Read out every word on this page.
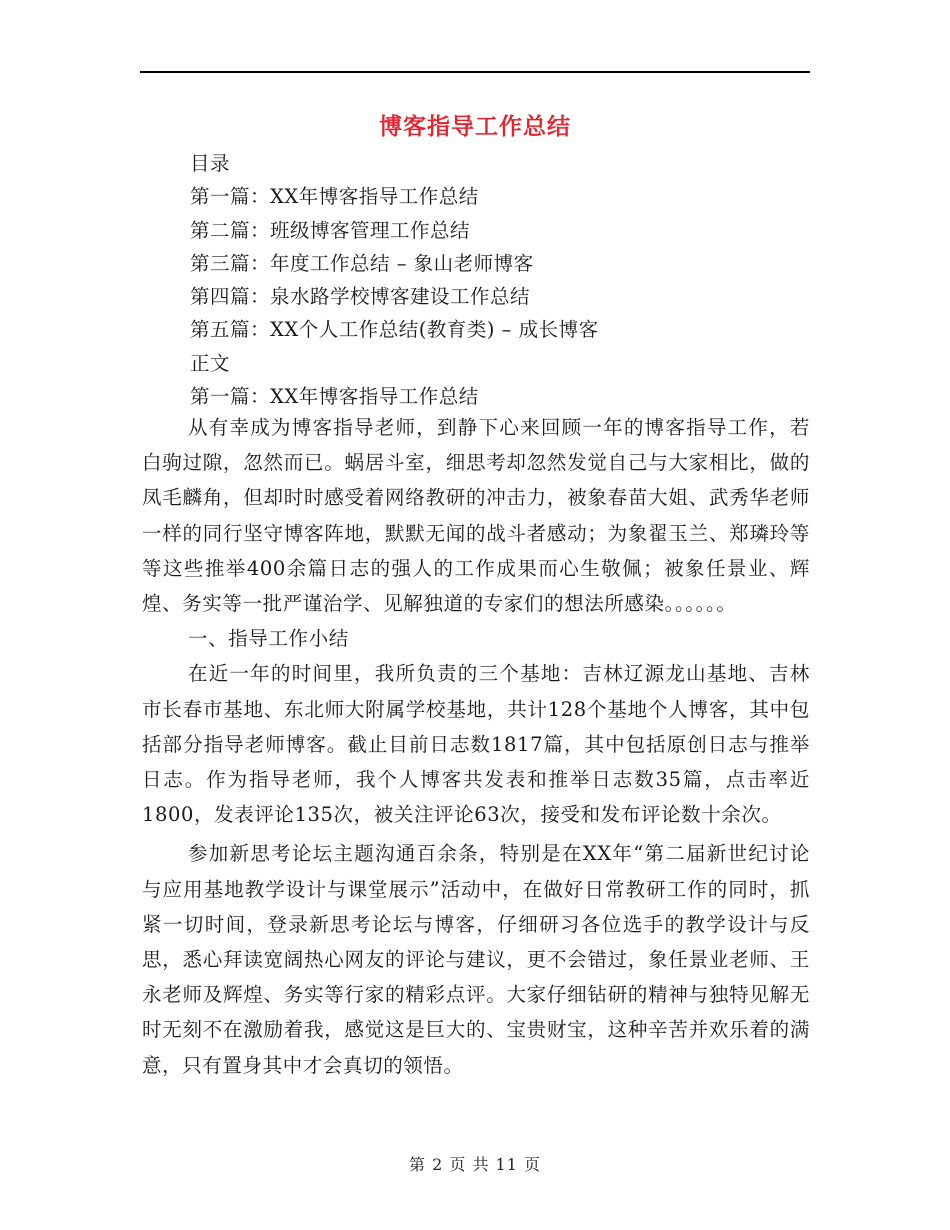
博客指导工作总结
目录
第一篇：XX年博客指导工作总结
第二篇：班级博客管理工作总结
第三篇：年度工作总结 – 象山老师博客
第四篇：泉水路学校博客建设工作总结
第五篇：XX个人工作总结(教育类) – 成长博客
正文
第一篇：XX年博客指导工作总结

从有幸成为博客指导老师，到静下心来回顾一年的博客指导工作，若白驹过隙，忽然而已。蜗居斗室，细思考却忽然发觉自己与大家相比，做的凤毛麟角，但却时时感受着网络教研的冲击力，被象春苗大姐、武秀华老师一样的同行坚守博客阵地，默默无闻的战斗者感动；为象翟玉兰、郑璘玲等等这些推举400余篇日志的强人的工作成果而心生敬佩；被象任景业、辉煌、务实等一批严谨治学、见解独道的专家们的想法所感染。。。。。。

一、指导工作小结

在近一年的时间里，我所负责的三个基地：吉林辽源龙山基地、吉林市长春市基地、东北师大附属学校基地，共计128个基地个人博客，其中包括部分指导老师博客。截止目前日志数1817篇，其中包括原创日志与推举日志。作为指导老师，我个人博客共发表和推举日志数35篇，点击率近1800，发表评论135次，被关注评论63次，接受和发布评论数十余次。

参加新思考论坛主题沟通百余条，特别是在XX年“第二届新世纪讨论与应用基地教学设计与课堂展示”活动中，在做好日常教研工作的同时，抓紧一切时间，登录新思考论坛与博客，仔细研习各位选手的教学设计与反思，悉心拜读宽阔热心网友的评论与建议，更不会错过，象任景业老师、王永老师及辉煌、务实等行家的精彩点评。大家仔细钻研的精神与独特见解无时无刻不在激励着我，感觉这是巨大的、宝贵财宝，这种辛苦并欢乐着的满意，只有置身其中才会真切的领悟。

第 2 页 共 11 页
